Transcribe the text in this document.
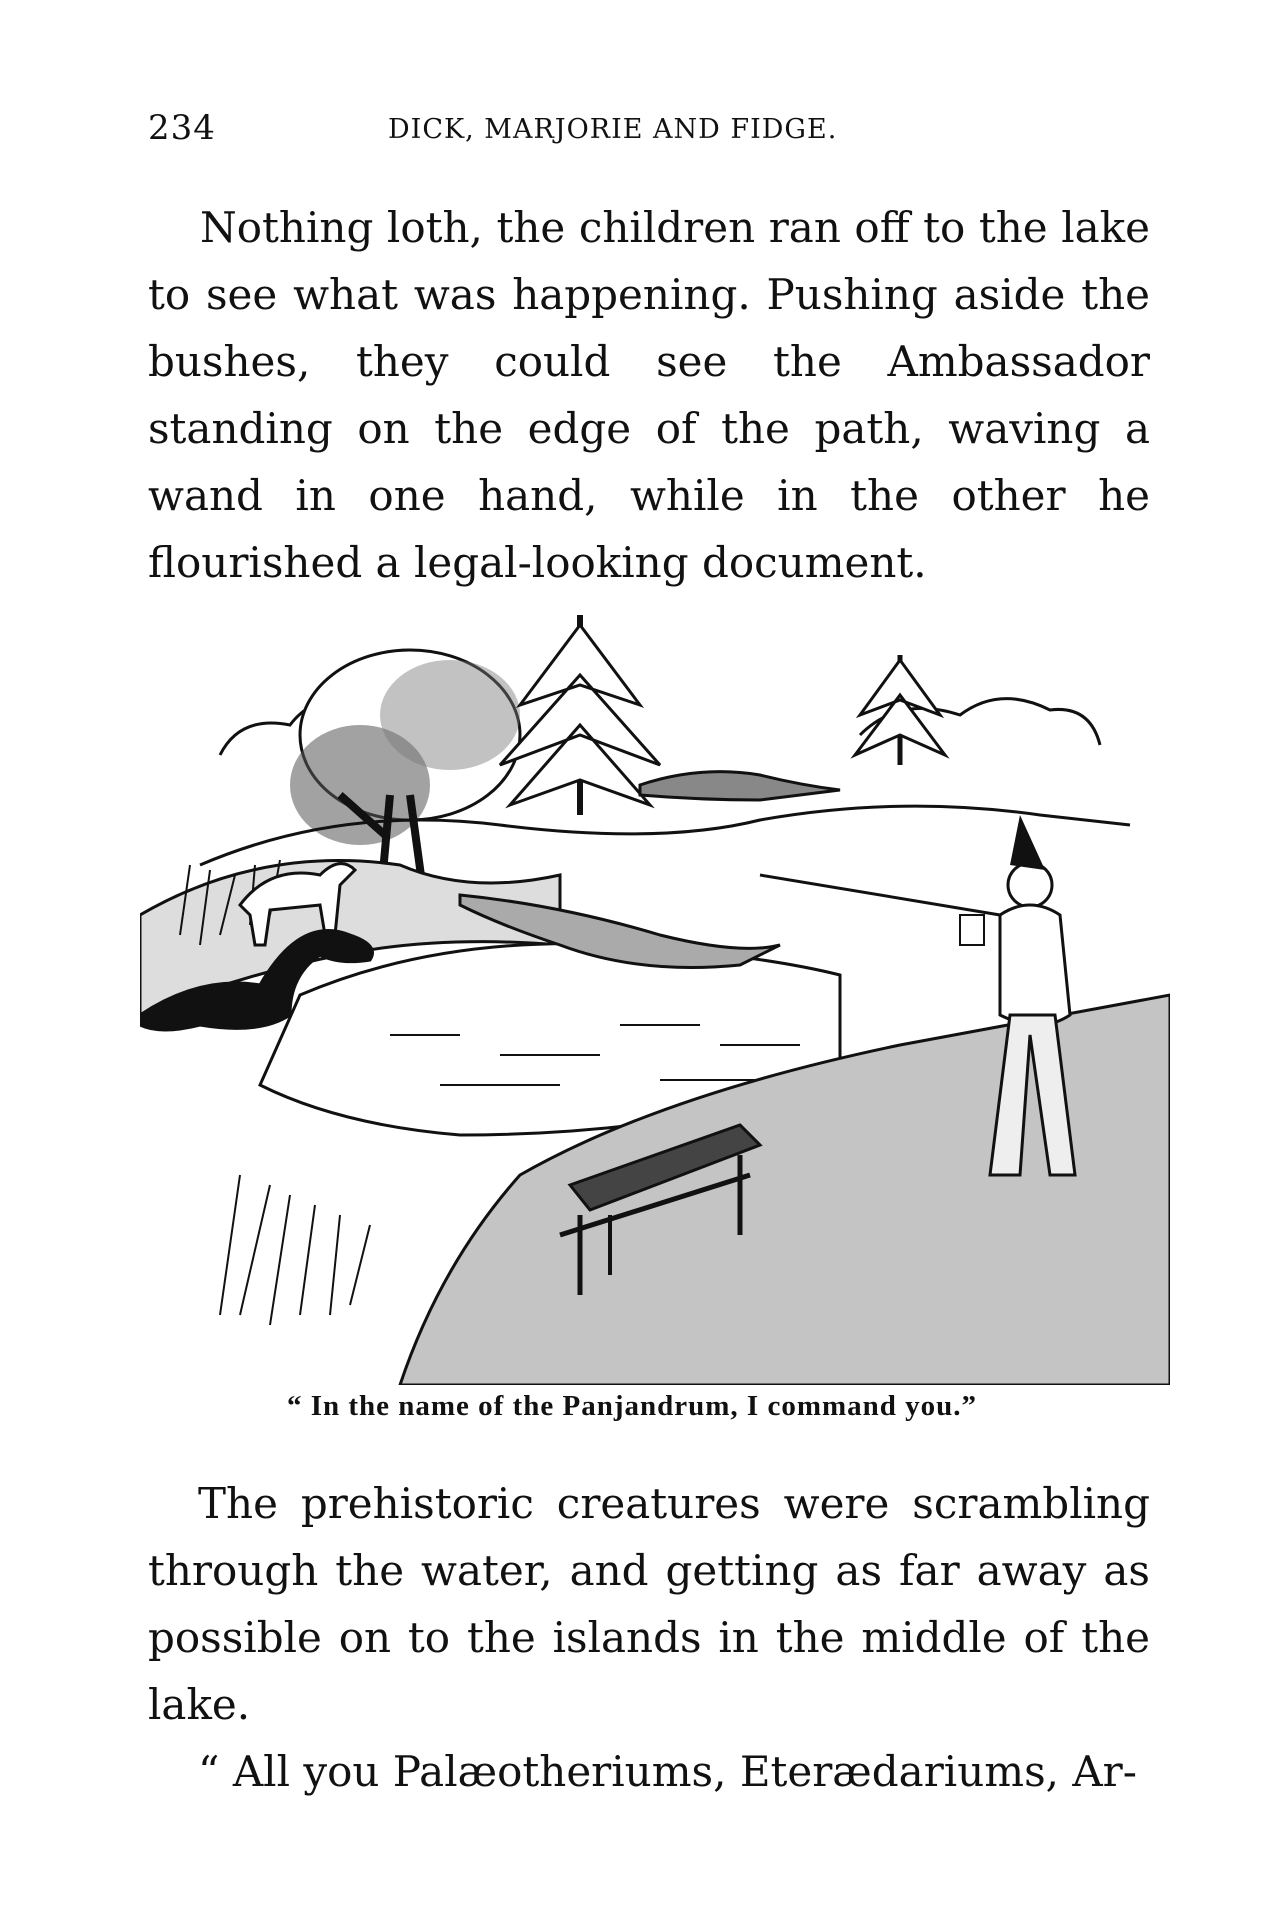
234	DICK, MARJORIE AND FIDGE.

Nothing loth, the children ran off to the lake to see what was happening. Pushing aside the bushes, they could see the Ambassador standing on the edge of the path, waving a wand in one hand, while in the other he flourished a legal-looking document.

“ In the name of the Panjandrum, I command you.”

The prehistoric creatures were scrambling through the water, and getting as far away as possible on to the islands in the middle of the lake.

“ All you Palæotheriums, Eterædariums, Ar-
